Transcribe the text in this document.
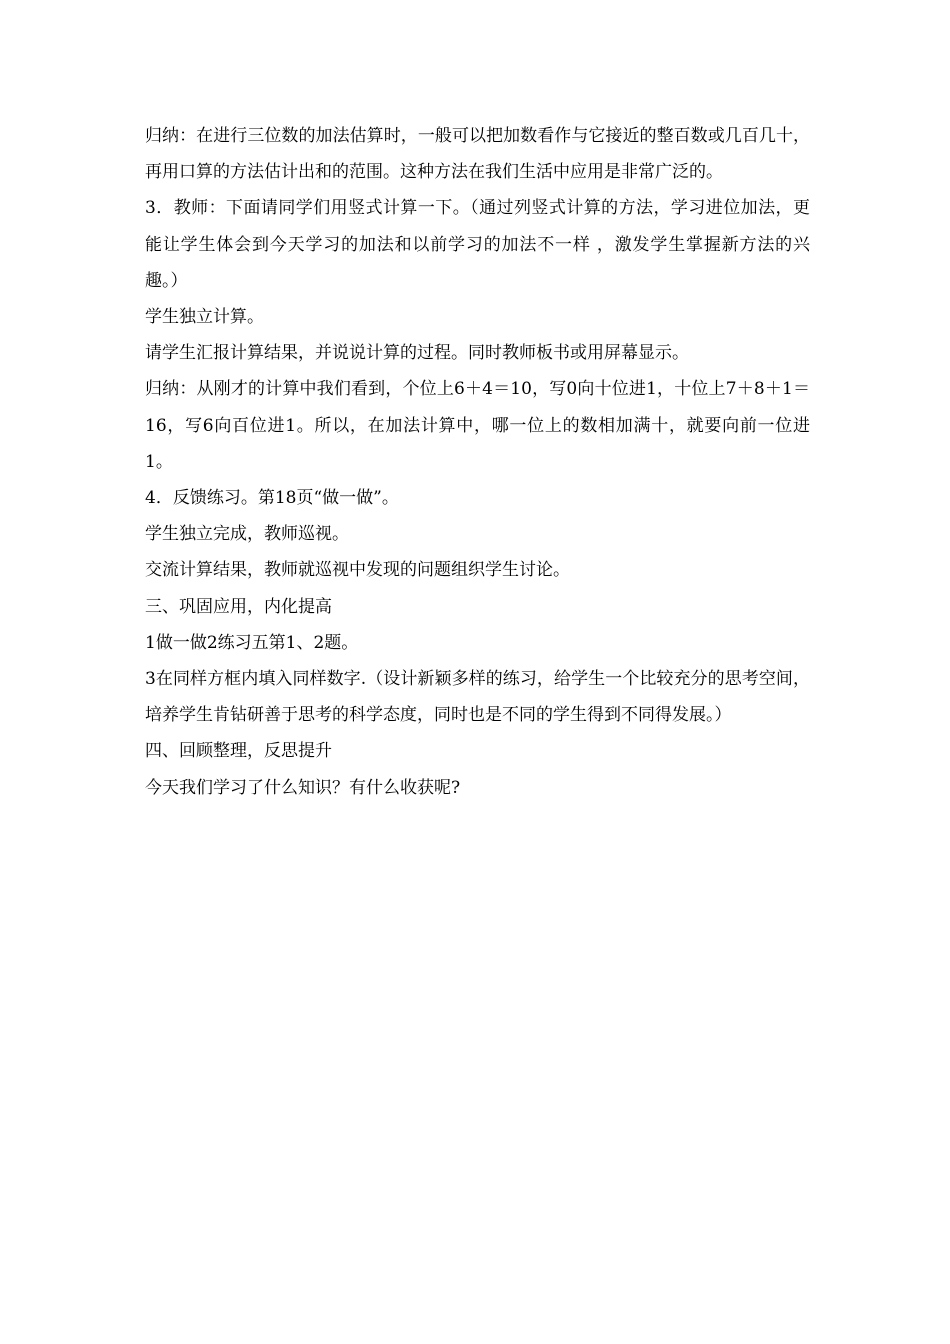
归纳：在进行三位数的加法估算时，一般可以把加数看作与它接近的整百数或几百几十，再用口算的方法估计出和的范围。这种方法在我们生活中应用是非常广泛的。

3．教师：下面请同学们用竖式计算一下。（通过列竖式计算的方法，学习进位加法，更能让学生体会到今天学习的加法和以前学习的加法不一样 ，激发学生掌握新方法的兴趣。）

学生独立计算。

请学生汇报计算结果，并说说计算的过程。同时教师板书或用屏幕显示。

归纳：从刚才的计算中我们看到，个位上6＋4＝10，写0向十位进1，十位上7＋8＋1＝16，写6向百位进1。所以，在加法计算中，哪一位上的数相加满十，就要向前一位进1。

4．反馈练习。第18页“做一做”。

学生独立完成，教师巡视。

交流计算结果，教师就巡视中发现的问题组织学生讨论。

三、巩固应用，内化提高

1做一做2练习五第1、2题。

3在同样方框内填入同样数字.（设计新颖多样的练习，给学生一个比较充分的思考空间，培养学生肯钻研善于思考的科学态度，同时也是不同的学生得到不同得发展。）

四、回顾整理，反思提升

今天我们学习了什么知识？有什么收获呢?
